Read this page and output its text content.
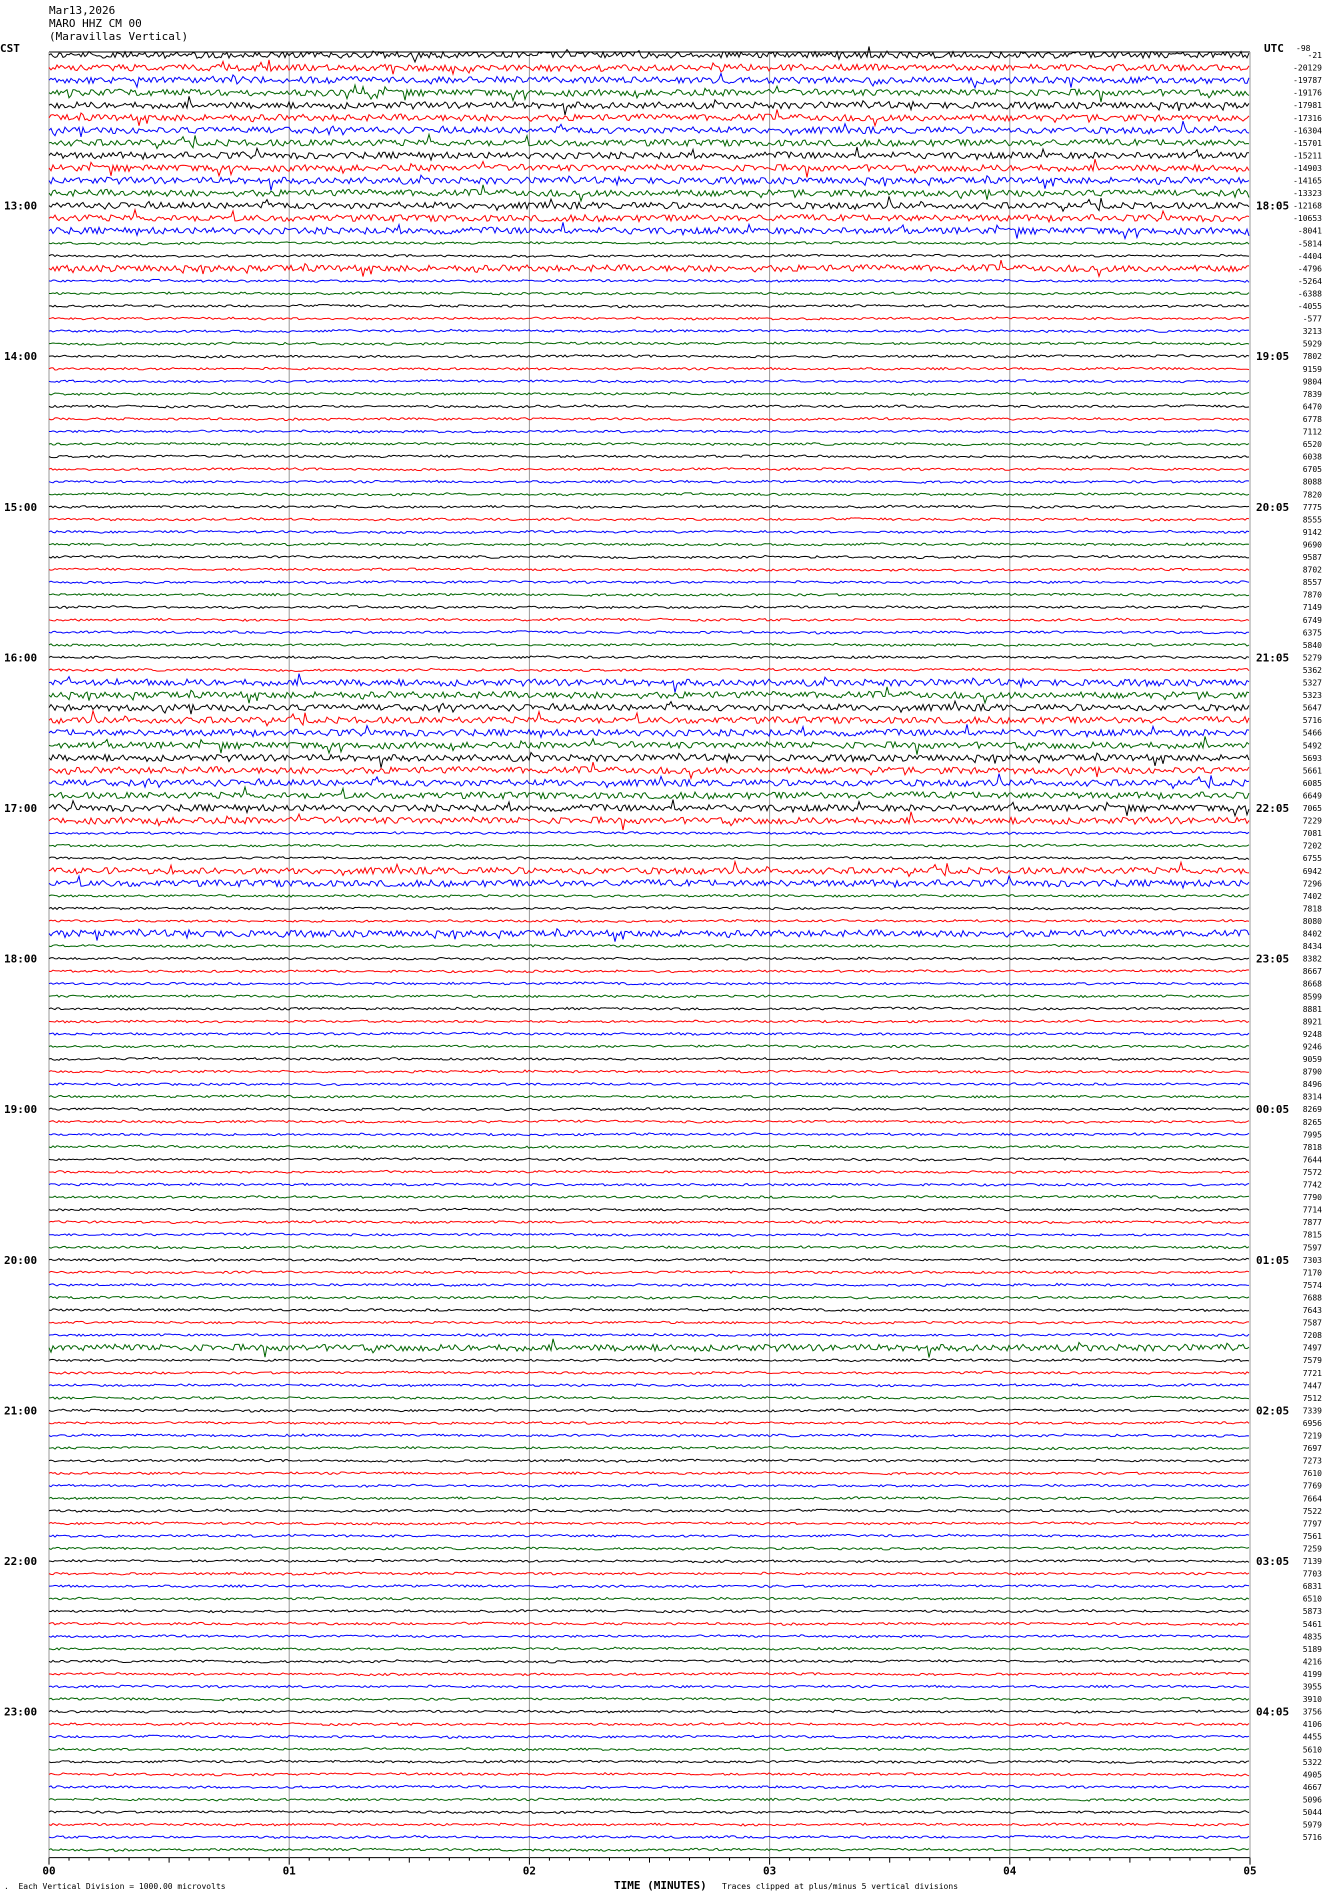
Mar13,2026
MARO HHZ CM 00
(Maravillas Vertical)
CST	UTC
00	01	02	03	04	05
-21
-20129
-19787
-19176
-17981
-17316
-16304
-15701
-15211
-14903
-14165
-13323
-12168
-10653
-8041
-5814
-4404
-4796
-5264
-6388
-4055
-577
3213
5929
7802
9159
9804
7839
6470
6778
7112
6520
6038
6705
8088
7820
7775
8555
9142
9690
9587
8702
8557
7870
7149
6749
6375
5840
5279
5362
5327
5323
5647
5716
5466
5492
5693
5661
6085
6649
7065
7229
7081
7202
6755
6942
7296
7402
7818
8080
8402
8434
8382
8667
8668
8599
8881
8921
9248
9246
9059
8790
8496
8314
8269
8265
7995
7818
7644
7572
7742
7790
7714
7877
7815
7597
7303
7170
7574
7688
7643
7587
7208
7497
7579
7721
7447
7512
7339
6956
7219
7697
7273
7610
7769
7664
7522
7797
7561
7259
7139
7703
6831
6510
5873
5461
4835
5189
4216
4199
3955
3910
3756
4106
4455
5610
5322
4905
4667
5096
5044
5979
5716
-98
13:00
14:00
15:00
16:00
17:00
18:00
19:00
20:00
21:00
22:00
23:00
18:05
19:05
20:05
21:05
22:05
23:05
00:05
01:05
02:05
03:05
04:05
. Each Vertical Division = 1000.00 microvolts	TIME (MINUTES) Traces clipped at plus/minus 5 vertical divisions
